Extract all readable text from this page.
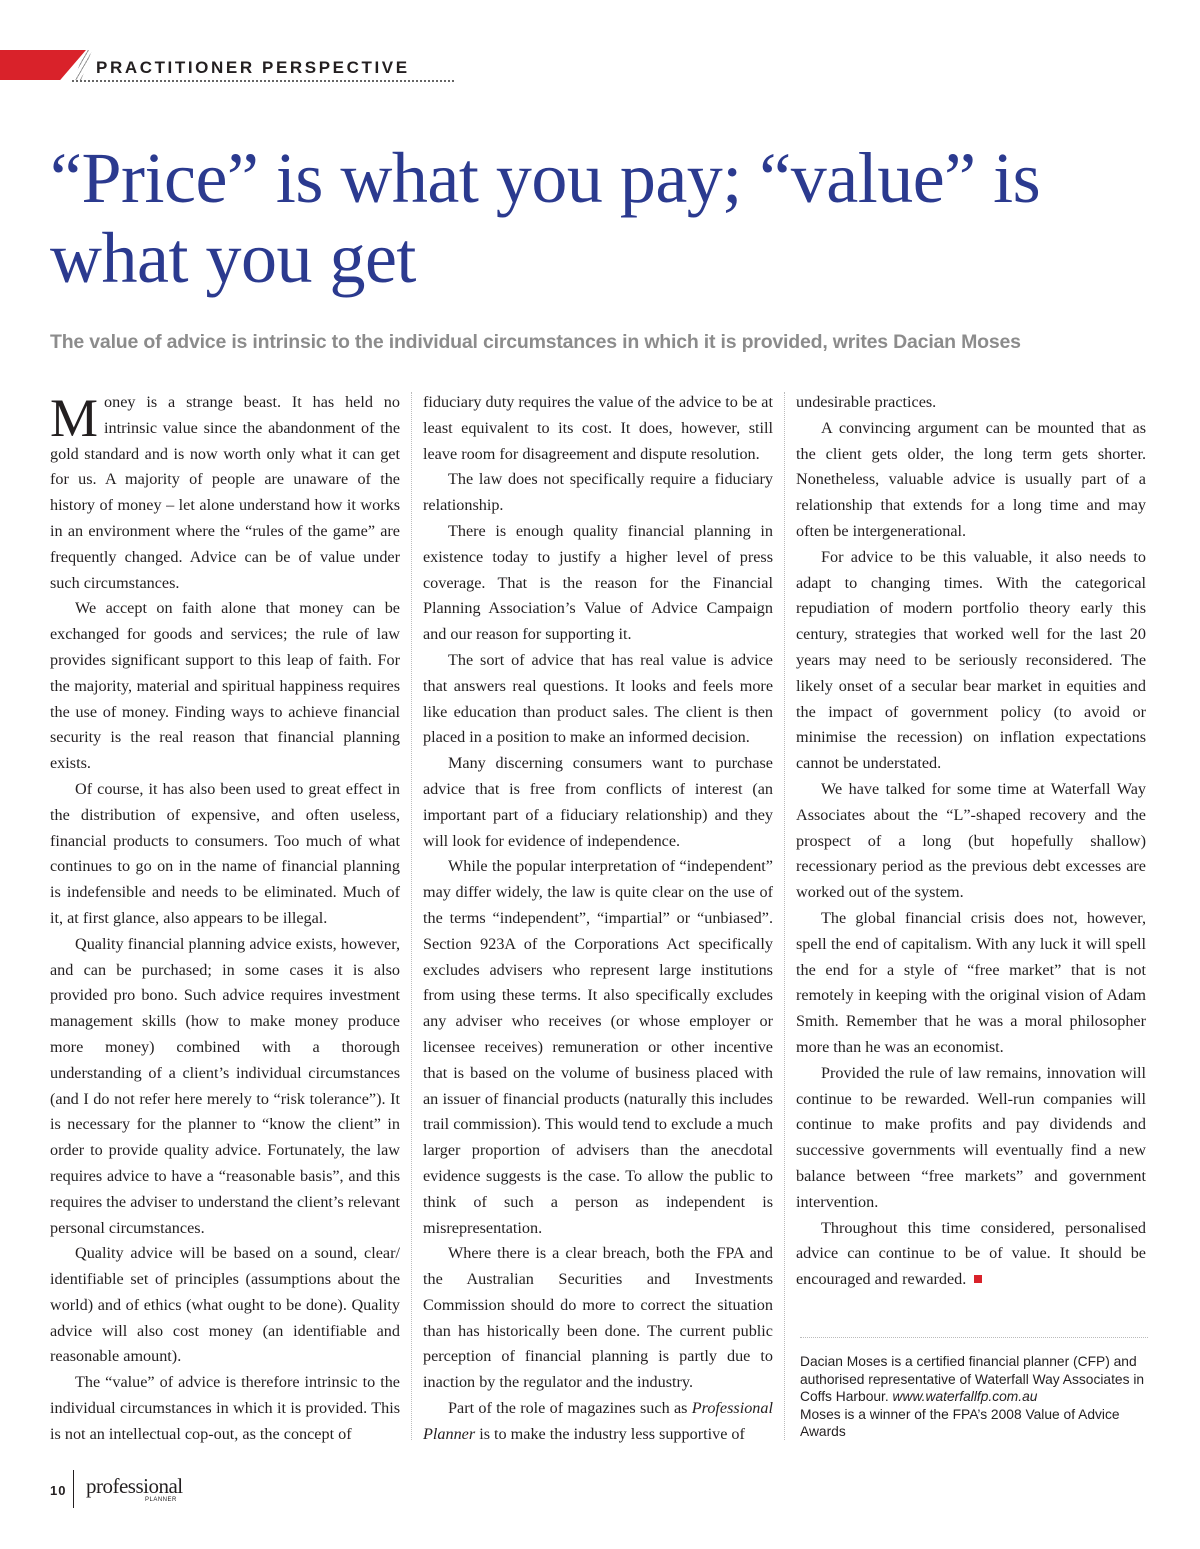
PRACTITIONER PERSPECTIVE
“Price” is what you pay; “value” is what you get

The value of advice is intrinsic to the individual circumstances in which it is provided, writes Dacian Moses

Money is a strange beast. It has held no intrinsic value since the abandonment of the gold standard and is now worth only what it can get for us. A majority of people are unaware of the history of money – let alone understand how it works in an environment where the “rules of the game” are frequently changed. Advice can be of value under such circumstances.

We accept on faith alone that money can be exchanged for goods and services; the rule of law provides significant support to this leap of faith. For the majority, material and spiritual happiness requires the use of money. Finding ways to achieve financial security is the real reason that financial planning exists.

Of course, it has also been used to great effect in the distribution of expensive, and often useless, financial products to consumers. Too much of what continues to go on in the name of financial planning is indefensible and needs to be eliminated. Much of it, at first glance, also appears to be illegal.

Quality financial planning advice exists, however, and can be purchased; in some cases it is also provided pro bono. Such advice requires investment management skills (how to make money produce more money) combined with a thorough understanding of a client’s individual circumstances (and I do not refer here merely to “risk tolerance”). It is necessary for the planner to “know the client” in order to provide quality advice. Fortunately, the law requires advice to have a “reasonable basis”, and this requires the adviser to understand the client’s relevant personal circumstances.

Quality advice will be based on a sound, clear/ identifiable set of principles (assumptions about the world) and of ethics (what ought to be done). Quality advice will also cost money (an identifiable and reasonable amount).

The “value” of advice is therefore intrinsic to the individual circumstances in which it is provided. This is not an intellectual cop-out, as the concept of

fiduciary duty requires the value of the advice to be at least equivalent to its cost. It does, however, still leave room for disagreement and dispute resolution.

The law does not specifically require a fiduciary relationship.

There is enough quality financial planning in existence today to justify a higher level of press coverage. That is the reason for the Financial Planning Association’s Value of Advice Campaign and our reason for supporting it.

The sort of advice that has real value is advice that answers real questions. It looks and feels more like education than product sales. The client is then placed in a position to make an informed decision.

Many discerning consumers want to purchase advice that is free from conflicts of interest (an important part of a fiduciary relationship) and they will look for evidence of independence.

While the popular interpretation of “independent” may differ widely, the law is quite clear on the use of the terms “independent”, “impartial” or “unbiased”. Section 923A of the Corporations Act specifically excludes advisers who represent large institutions from using these terms. It also specifically excludes any adviser who receives (or whose employer or licensee receives) remuneration or other incentive that is based on the volume of business placed with an issuer of financial products (naturally this includes trail commission). This would tend to exclude a much larger proportion of advisers than the anecdotal evidence suggests is the case. To allow the public to think of such a person as independent is misrepresentation.

Where there is a clear breach, both the FPA and the Australian Securities and Investments Commission should do more to correct the situation than has historically been done. The current public perception of financial planning is partly due to inaction by the regulator and the industry.

Part of the role of magazines such as Professional Planner is to make the industry less supportive of

undesirable practices.

A convincing argument can be mounted that as the client gets older, the long term gets shorter. Nonetheless, valuable advice is usually part of a relationship that extends for a long time and may often be intergenerational.

For advice to be this valuable, it also needs to adapt to changing times. With the categorical repudiation of modern portfolio theory early this century, strategies that worked well for the last 20 years may need to be seriously reconsidered. The likely onset of a secular bear market in equities and the impact of government policy (to avoid or minimise the recession) on inflation expectations cannot be understated.

We have talked for some time at Waterfall Way Associates about the “L”-shaped recovery and the prospect of a long (but hopefully shallow) recessionary period as the previous debt excesses are worked out of the system.

The global financial crisis does not, however, spell the end of capitalism. With any luck it will spell the end for a style of “free market” that is not remotely in keeping with the original vision of Adam Smith. Remember that he was a moral philosopher more than he was an economist.

Provided the rule of law remains, innovation will continue to be rewarded. Well-run companies will continue to make profits and pay dividends and successive governments will eventually find a new balance between “free markets” and government intervention.

Throughout this time considered, personalised advice can continue to be of value. It should be encouraged and rewarded.

Dacian Moses is a certified financial planner (CFP) and authorised representative of Waterfall Way Associates in Coffs Harbour. www.waterfallfp.com.au
Moses is a winner of the FPA’s 2008 Value of Advice Awards

10 professional
PLANNER
